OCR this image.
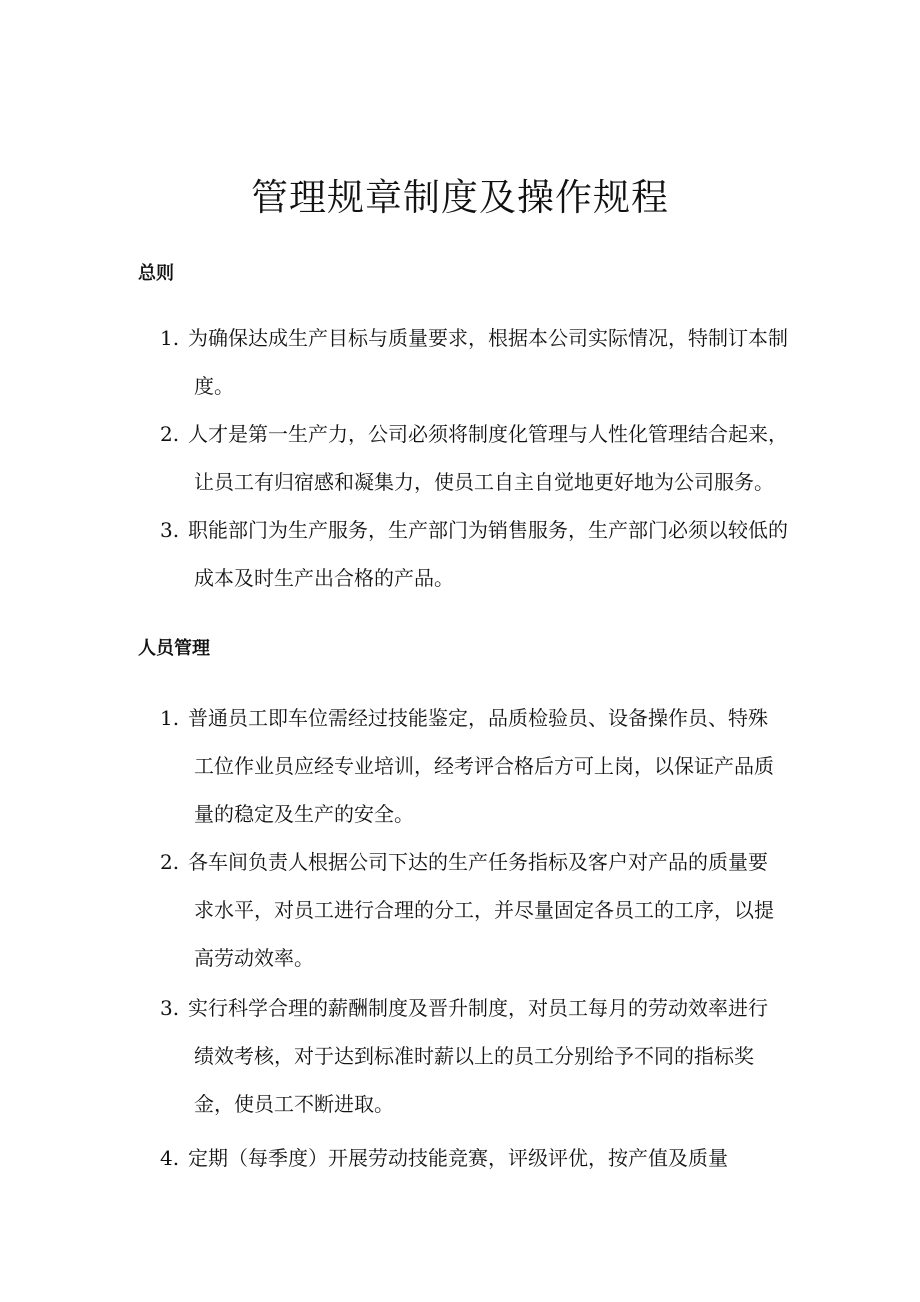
管理规章制度及操作规程
总则
1. 为确保达成生产目标与质量要求，根据本公司实际情况，特制订本制
度。
2. 人才是第一生产力，公司必须将制度化管理与人性化管理结合起来，
让员工有归宿感和凝集力，使员工自主自觉地更好地为公司服务。
3. 职能部门为生产服务，生产部门为销售服务，生产部门必须以较低的
成本及时生产出合格的产品。
人员管理
1. 普通员工即车位需经过技能鉴定，品质检验员、设备操作员、特殊
工位作业员应经专业培训，经考评合格后方可上岗，以保证产品质
量的稳定及生产的安全。
2. 各车间负责人根据公司下达的生产任务指标及客户对产品的质量要
求水平，对员工进行合理的分工，并尽量固定各员工的工序，以提
高劳动效率。
3. 实行科学合理的薪酬制度及晋升制度，对员工每月的劳动效率进行
绩效考核，对于达到标准时薪以上的员工分别给予不同的指标奖
金，使员工不断进取。
4. 定期（每季度）开展劳动技能竞赛，评级评优，按产值及质量
